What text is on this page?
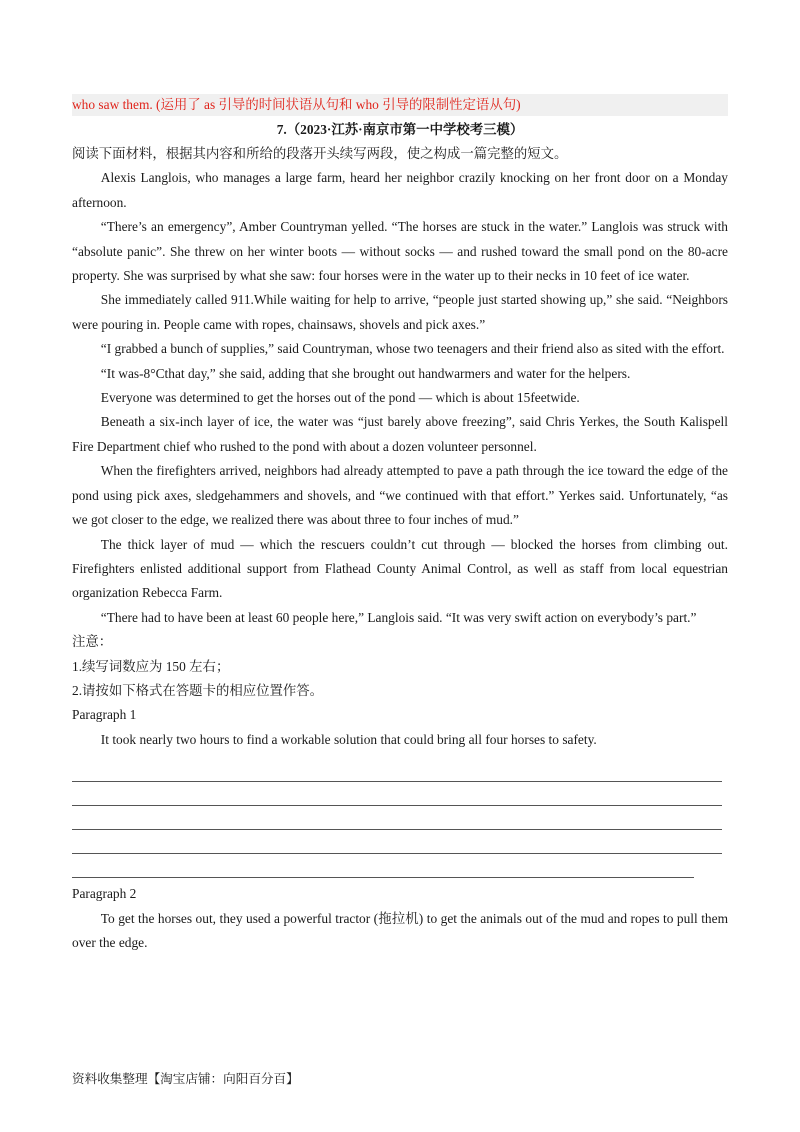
who saw them. (运用了 as 引导的时间状语从句和 who 引导的限制性定语从句)
7.（2023·江苏·南京市第一中学校考三模）

阅读下面材料，根据其内容和所给的段落开头续写两段，使之构成一篇完整的短文。

Alexis Langlois, who manages a large farm, heard her neighbor crazily knocking on her front door on a Monday afternoon.

“There’s an emergency”, Amber Countryman yelled. “The horses are stuck in the water.” Langlois was struck with “absolute panic”. She threw on her winter boots — without socks — and rushed toward the small pond on the 80-acre property. She was surprised by what she saw: four horses were in the water up to their necks in 10 feet of ice water.

She immediately called 911.While waiting for help to arrive, “people just started showing up,” she said. “Neighbors were pouring in. People came with ropes, chainsaws, shovels and pick axes.”

“I grabbed a bunch of supplies,” said Countryman, whose two teenagers and their friend also as sited with the effort.

“It was-8°Cthat day,” she said, adding that she brought out handwarmers and water for the helpers.

Everyone was determined to get the horses out of the pond — which is about 15feetwide.

Beneath a six-inch layer of ice, the water was “just barely above freezing”, said Chris Yerkes, the South Kalispell Fire Department chief who rushed to the pond with about a dozen volunteer personnel.

When the firefighters arrived, neighbors had already attempted to pave a path through the ice toward the edge of the pond using pick axes, sledgehammers and shovels, and “we continued with that effort.” Yerkes said. Unfortunately, “as we got closer to the edge, we realized there was about three to four inches of mud.”

The thick layer of mud — which the rescuers couldn’t cut through — blocked the horses from climbing out. Firefighters enlisted additional support from Flathead County Animal Control, as well as staff from local equestrian organization Rebecca Farm.

“There had to have been at least 60 people here,” Langlois said. “It was very swift action on everybody’s part.”

注意：

1.续写词数应为 150 左右；

2.请按如下格式在答题卡的相应位置作答。

Paragraph 1

It took nearly two hours to find a workable solution that could bring all four horses to safety.

Paragraph 2

To get the horses out, they used a powerful tractor (拖拉机) to get the animals out of the mud and ropes to pull them over the edge.

资料收集整理【淘宝店铺：向阳百分百】
